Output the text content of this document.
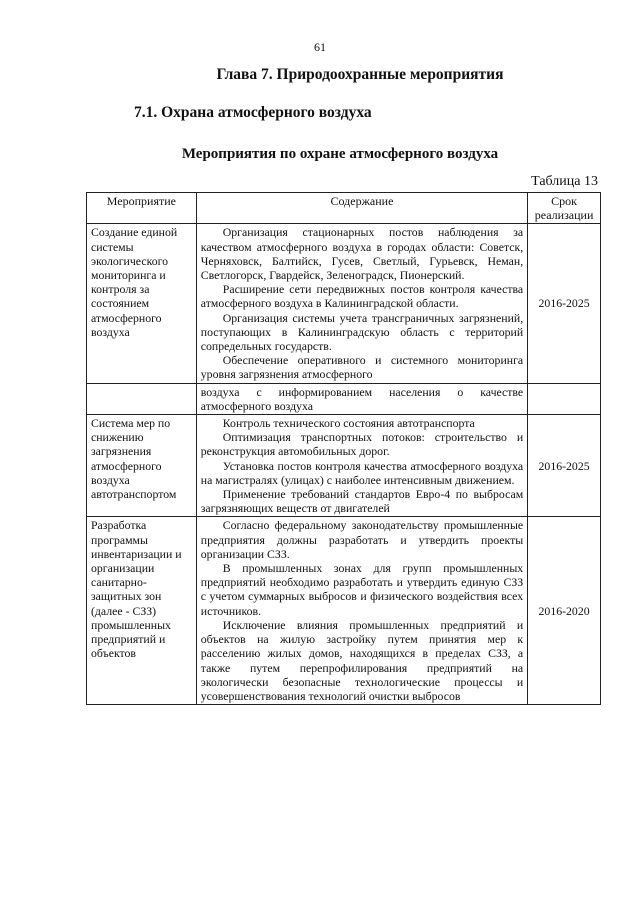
61
Глава 7. Природоохранные мероприятия
7.1. Охрана атмосферного воздуха
Мероприятия по охране атмосферного воздуха
Таблица 13
Мероприятие	Содержание	Срок реализации
Создание единой системы экологического мониторинга и контроля за состоянием атмосферного воздуха	Организация стационарных постов наблюдения за качеством атмосферного воздуха в городах области: Советск, Черняховск, Балтийск, Гусев, Светлый, Гурьевск, Неман, Светлогорск, Гвардейск, Зеленоградск, Пионерский.

Расширение сети передвижных постов контроля качества атмосферного воздуха в Калининградской области.

Организация системы учета трансграничных загрязнений, поступающих в Калининградскую область с территорий сопредельных государств.

Обеспечение оперативного и системного мониторинга уровня загрязнения атмосферного	2016-2025

	воздуха с информированием населения о качестве атмосферного воздуха	

Система мер по снижению загрязнения атмосферного воздуха автотранспортом	Контроль технического состояния автотранспорта

Оптимизация транспортных потоков: строительство и реконструкция автомобильных дорог.

Установка постов контроля качества атмосферного воздуха на магистралях (улицах) с наиболее интенсивным движением.

Применение требований стандартов Евро-4 по выбросам загрязняющих веществ от двигателей	2016-2025
Разработка программы инвентаризации и организации санитарно-защитных зон (далее - СЗЗ) промышленных предприятий и объектов	Согласно федеральному законодательству промышленные предприятия должны разработать и утвердить проекты организации СЗЗ.

В промышленных зонах для групп промышленных предприятий необходимо разработать и утвердить единую СЗЗ с учетом суммарных выбросов и физического воздействия всех источников.

Исключение влияния промышленных предприятий и объектов на жилую застройку путем принятия мер к расселению жилых домов, находящихся в пределах СЗЗ, а также путем перепрофилирования предприятий на экологически безопасные технологические процессы и усовершенствования технологий очистки выбросов	2016-2020
